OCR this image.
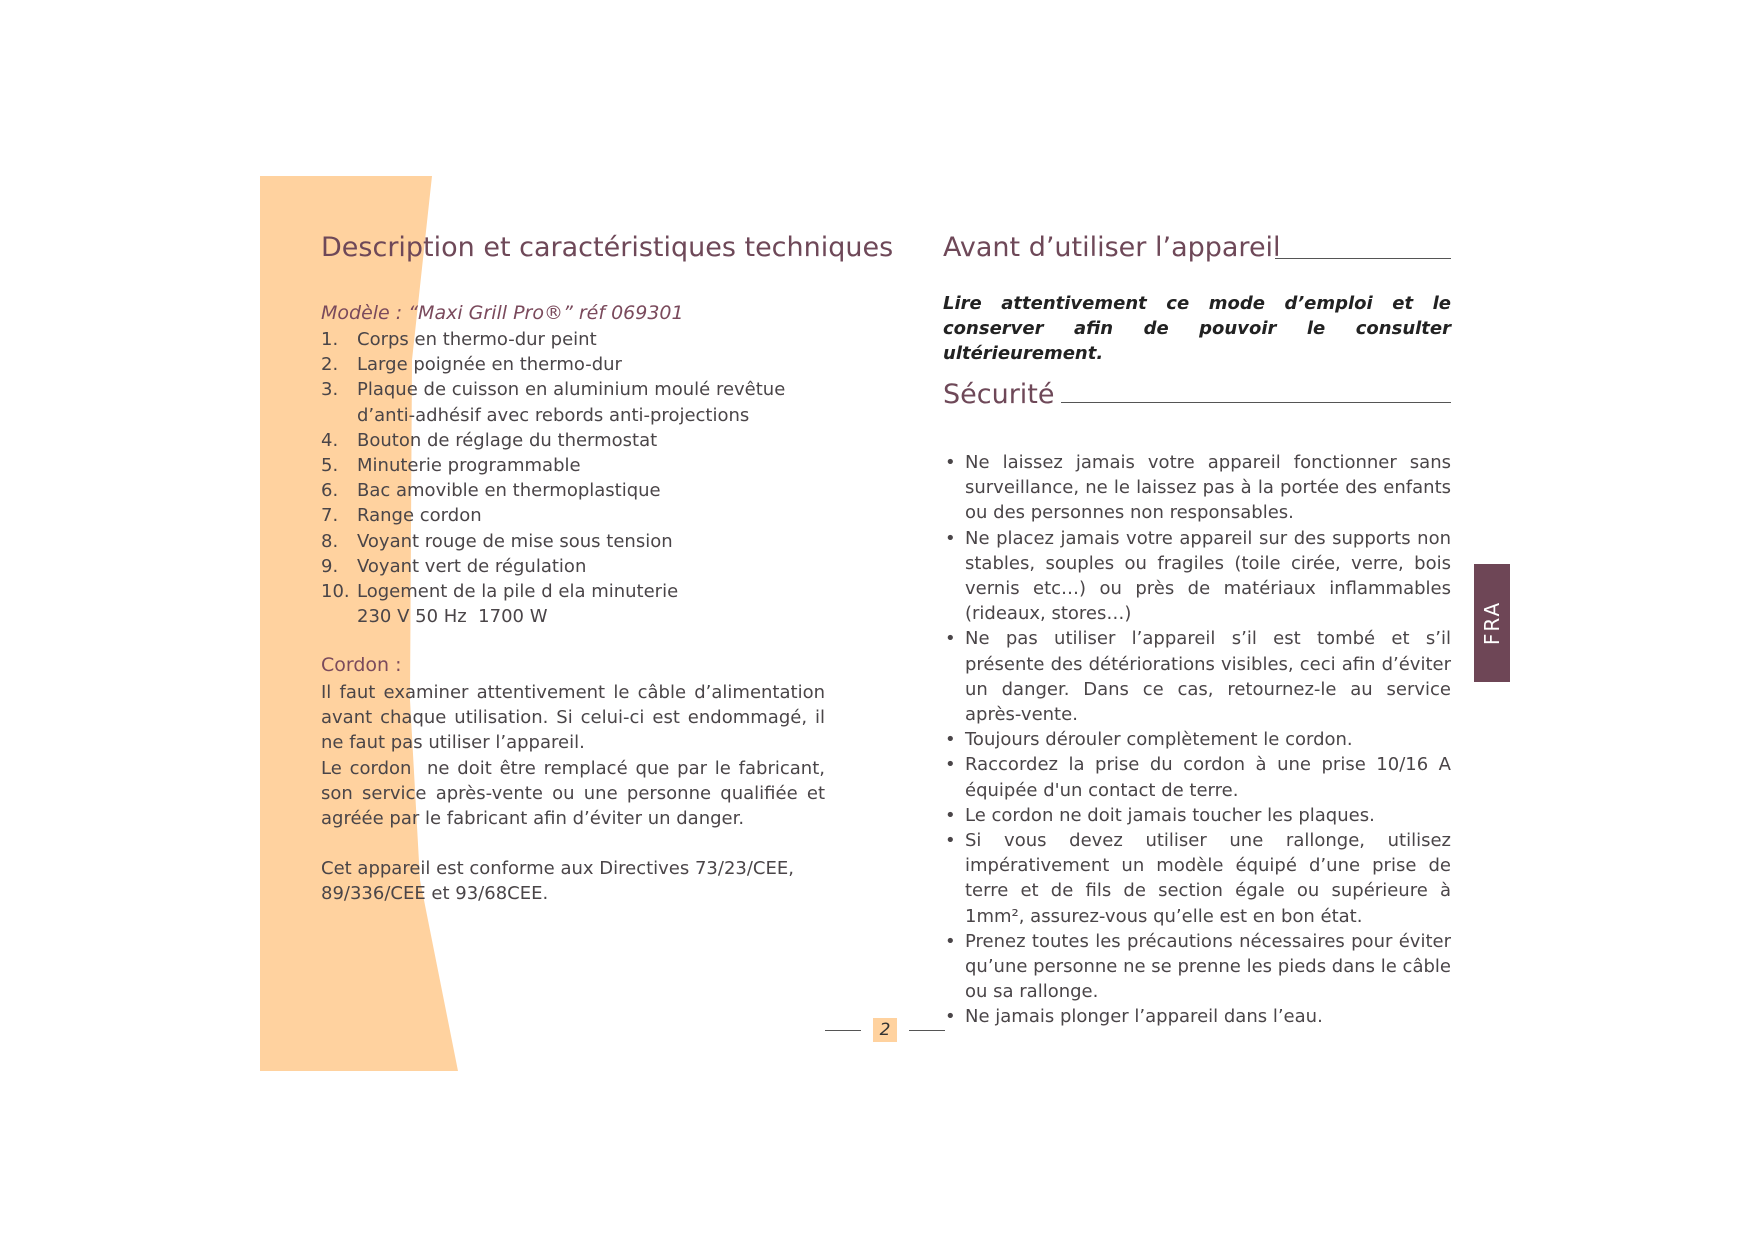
Description et caractéristiques techniques
Modèle : “Maxi Grill Pro®” réf 069301
1. Corps en thermo-dur peint
2. Large poignée en thermo-dur
3. Plaque de cuisson en aluminium moulé revêtue d’anti-adhésif avec rebords anti-projections
4. Bouton de réglage du thermostat
5. Minuterie programmable
6. Bac amovible en thermoplastique
7. Range cordon
8. Voyant rouge de mise sous tension
9. Voyant vert de régulation
10. Logement de la pile d ela minuterie
230 V 50 Hz  1700 W
Cordon :

Il faut examiner attentivement le câble d’alimentation avant chaque utilisation. Si celui-ci est endommagé, il ne faut pas utiliser l’appareil.

Le cordon  ne doit être remplacé que par le fabricant, son service après-vente ou une personne qualifiée et agréée par le fabricant afin d’éviter un danger.

Cet appareil est conforme aux Directives 73/23/CEE, 89/336/CEE et 93/68CEE.

Avant d’utiliser l’appareil

Lire attentivement ce mode d’emploi et le conserver afin de pouvoir le consulter ultérieurement.

Sécurité
• Ne laissez jamais votre appareil fonctionner sans surveillance, ne le laissez pas à la portée des enfants ou des personnes non responsables.
• Ne placez jamais votre appareil sur des supports non stables, souples ou fragiles (toile cirée, verre, bois vernis etc…) ou près de matériaux inflammables (rideaux, stores…)
• Ne pas utiliser l’appareil s’il est tombé et s’il présente des détériorations visibles, ceci afin d’éviter un danger. Dans ce cas, retournez-le au service après-vente.
• Toujours dérouler complètement le cordon.
• Raccordez la prise du cordon à une prise 10/16 A équipée d'un contact de terre.
• Le cordon ne doit jamais toucher les plaques.
• Si vous devez utiliser une rallonge, utilisez impérativement un modèle équipé d’une prise de terre et de fils de section égale ou supérieure à 1mm², assurez-vous qu’elle est en bon état.
• Prenez toutes les précautions nécessaires pour éviter qu’une personne ne se prenne les pieds dans le câble ou sa rallonge.
• Ne jamais plonger l’appareil dans l’eau.
FRA
2
